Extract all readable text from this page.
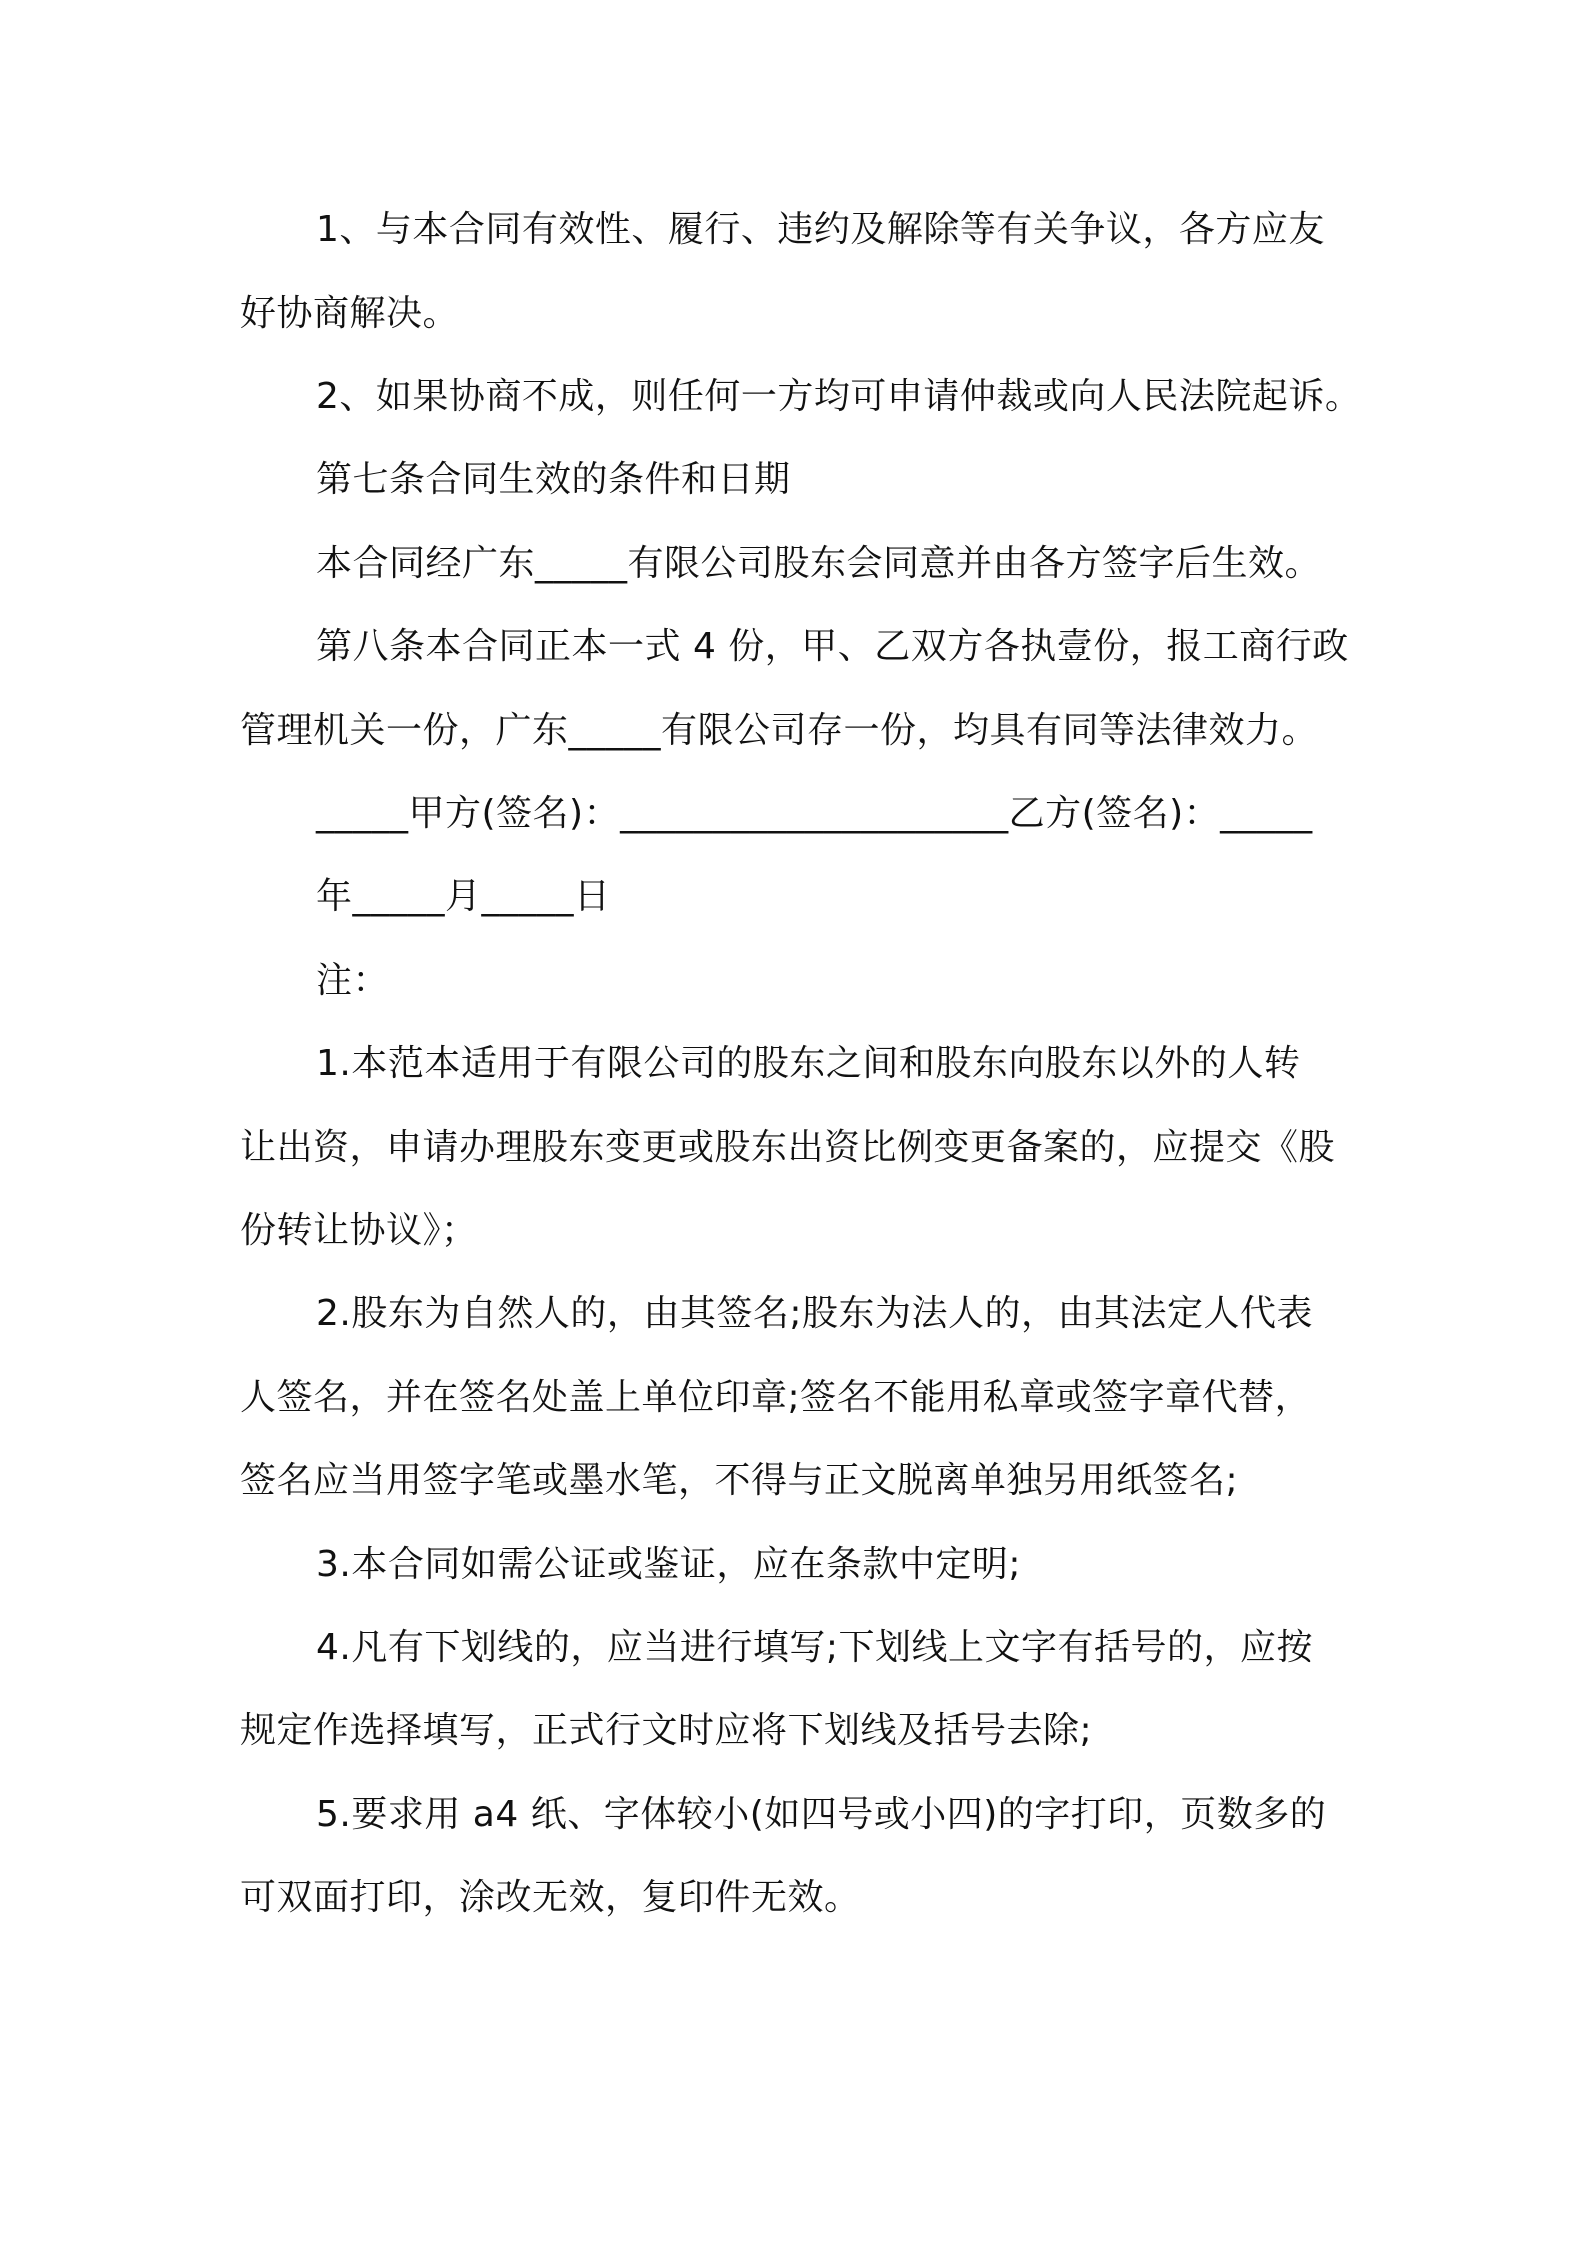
1、与本合同有效性、履行、违约及解除等有关争议，各方应友
好协商解决。
2、如果协商不成，则任何一方均可申请仲裁或向人民法院起诉。
第七条合同生效的条件和日期
本合同经广东_____有限公司股东会同意并由各方签字后生效。
第八条本合同正本一式 4 份，甲、乙双方各执壹份，报工商行政
管理机关一份，广东_____有限公司存一份，均具有同等法律效力。
_____甲方(签名)：_____________________乙方(签名)：_____
年_____月_____日
注：
1.本范本适用于有限公司的股东之间和股东向股东以外的人转
让出资，申请办理股东变更或股东出资比例变更备案的，应提交《股
份转让协议》；
2.股东为自然人的，由其签名;股东为法人的，由其法定人代表
人签名，并在签名处盖上单位印章;签名不能用私章或签字章代替，
签名应当用签字笔或墨水笔，不得与正文脱离单独另用纸签名;
3.本合同如需公证或鉴证，应在条款中定明;
4.凡有下划线的，应当进行填写;下划线上文字有括号的，应按
规定作选择填写，正式行文时应将下划线及括号去除;
5.要求用 a4 纸、字体较小(如四号或小四)的字打印，页数多的
可双面打印，涂改无效，复印件无效。
